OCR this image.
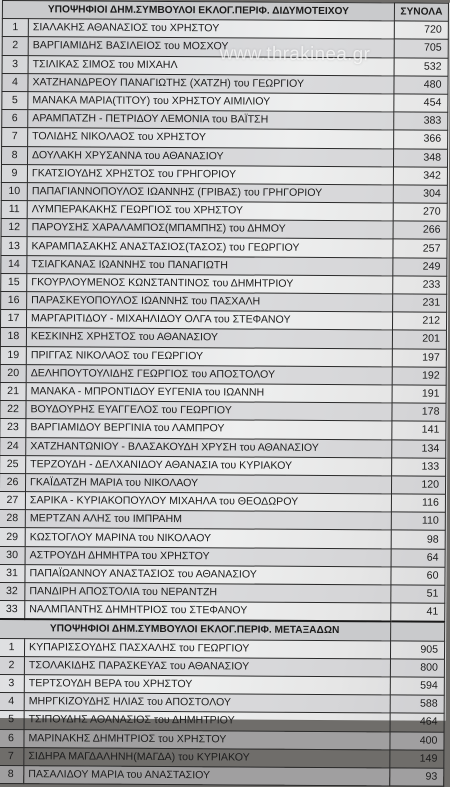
ΥΠΟΨΗΦΙΟΙ ΔΗΜ.ΣΥΜΒΟΥΛΟΙ ΕΚΛΟΓ.ΠΕΡΙΦ. ΔΙΔΥΜΟΤΕΙΧΟΥ		ΣΥΝΟΛΑ
1	ΣΙΑΛΑΚΗΣ ΑΘΑΝΑΣΙΟΣ του ΧΡΗΣΤΟΥ	720
2	ΒΑΡΓΙΑΜΙΔΗΣ ΒΑΣΙΛΕΙΟΣ του ΜΟΣΧΟΥ	705
3	ΤΣΙΛΙΚΑΣ ΣΙΜΟΣ του ΜΙΧΑΗΛ	532
4	ΧΑΤΖΗΑΝΔΡΕΟΥ ΠΑΝΑΓΙΩΤΗΣ (ΧΑΤΖΗ) του ΓΕΩΡΓΙΟΥ	480
5	ΜΑΝΑΚΑ ΜΑΡΙΑ(ΤΙΤΟΥ) του ΧΡΗΣΤΟΥ ΑΙΜΙΛΙΟΥ	454
6	ΑΡΑΜΠΑΤΖΗ - ΠΕΤΡΙΔΟΥ ΛΕΜΟΝΙΑ του ΒΑΪΤΣΗ	383
7	ΤΟΛΙΔΗΣ ΝΙΚΟΛΑΟΣ του ΧΡΗΣΤΟΥ	366
8	ΔΟΥΛΑΚΗ ΧΡΥΣΑΝΝΑ του ΑΘΑΝΑΣΙΟΥ	348
9	ΓΚΑΤΣΙΟΥΔΗΣ ΧΡΗΣΤΟΣ του ΓΡΗΓΟΡΙΟΥ	342
10	ΠΑΠΑΓΙΑΝΝΟΠΟΥΛΟΣ ΙΩΑΝΝΗΣ (ΓΡΙΒΑΣ) του ΓΡΗΓΟΡΙΟΥ	304
11	ΛΥΜΠΕΡΑΚΑΚΗΣ ΓΕΩΡΓΙΟΣ του ΧΡΗΣΤΟΥ	270
12	ΠΑΡΟΥΣΗΣ ΧΑΡΑΛΑΜΠΟΣ(ΜΠΑΜΠΗΣ) του ΔΗΜΟΥ	266
13	ΚΑΡΑΜΠΑΣΑΚΗΣ ΑΝΑΣΤΑΣΙΟΣ(ΤΑΣΟΣ) του ΓΕΩΡΓΙΟΥ	257
14	ΤΣΙΑΓΚΑΝΑΣ ΙΩΑΝΝΗΣ του ΠΑΝΑΓΙΩΤΗ	249
15	ΓΚΟΥΡΛΟΥΜΕΝΟΣ ΚΩΝΣΤΑΝΤΙΝΟΣ του ΔΗΜΗΤΡΙΟΥ	233
16	ΠΑΡΑΣΚΕΥΟΠΟΥΛΟΣ ΙΩΑΝΝΗΣ του ΠΑΣΧΑΛΗ	231
17	ΜΑΡΓΑΡΙΤΙΔΟΥ - ΜΙΧΑΗΛΙΔΟΥ ΟΛΓΑ του ΣΤΕΦΑΝΟΥ	212
18	ΚΕΣΚΙΝΗΣ ΧΡΗΣΤΟΣ του ΑΘΑΝΑΣΙΟΥ	201
19	ΠΡΙΓΓΑΣ ΝΙΚΟΛΑΟΣ του ΓΕΩΡΓΙΟΥ	197
20	ΔΕΛΗΠΟΥΤΟΥΛΙΔΗΣ ΓΕΩΡΓΙΟΣ του ΑΠΟΣΤΟΛΟΥ	192
21	ΜΑΝΑΚΑ - ΜΠΡΟΝΤΙΔΟΥ ΕΥΓΕΝΙΑ του ΙΩΑΝΝΗ	191
22	ΒΟΥΔΟΥΡΗΣ ΕΥΑΓΓΕΛΟΣ του ΓΕΩΡΓΙΟΥ	178
23	ΒΑΡΓΙΑΜΙΔΟΥ ΒΕΡΓΙΝΙΑ του ΛΑΜΠΡΟΥ	141
24	ΧΑΤΖΗΑΝΤΩΝΙΟΥ - ΒΛΑΣΑΚΟΥΔΗ ΧΡΥΣΗ του ΑΘΑΝΑΣΙΟΥ	134
25	ΤΕΡΖΟΥΔΗ - ΔΕΛΧΑΝΙΔΟΥ ΑΘΑΝΑΣΙΑ του ΚΥΡΙΑΚΟΥ	133
26	ΓΚΑΪΔΑΤΖΗ ΜΑΡΙΑ του ΝΙΚΟΛΑΟΥ	120
27	ΣΑΡΙΚΑ - ΚΥΡΙΑΚΟΠΟΥΛΟΥ ΜΙΧΑΗΛΑ του ΘΕΟΔΩΡΟΥ	116
28	ΜΕΡΤΖΑΝ ΑΛΗΣ του ΙΜΠΡΑΗΜ	110
29	ΚΩΣΤΟΓΛΟΥ ΜΑΡΙΝΑ του ΝΙΚΟΛΑΟΥ	98
30	ΑΣΤΡΟΥΔΗ ΔΗΜΗΤΡΑ του ΧΡΗΣΤΟΥ	64
31	ΠΑΠΑΪΩΑΝΝΟΥ ΑΝΑΣΤΑΣΙΟΣ του ΑΘΑΝΑΣΙΟΥ	60
32	ΠΑΝΔΙΡΗ ΑΠΟΣΤΟΛΙΑ του ΝΕΡΑΝΤΖΗ	51
33	ΝΑΛΜΠΑΝΤΗΣ ΔΗΜΗΤΡΙΟΣ του ΣΤΕΦΑΝΟΥ	41
ΥΠΟΨΗΦΙΟΙ ΔΗΜ.ΣΥΜΒΟΥΛΟΙ ΕΚΛΟΓ.ΠΕΡΙΦ. ΜΕΤΑΞΑΔΩΝ		
1	ΚΥΠΑΡΙΣΣΟΥΔΗΣ ΠΑΣΧΑΛΗΣ του ΓΕΩΡΓΙΟΥ	905
2	ΤΣΟΛΑΚΙΔΗΣ ΠΑΡΑΣΚΕΥΑΣ του ΑΘΑΝΑΣΙΟΥ	800
3	ΤΕΡΤΣΟΥΔΗ ΒΕΡΑ του ΧΡΗΣΤΟΥ	594
4	ΜΗΡΓΚΙΖΟΥΔΗΣ ΗΛΙΑΣ του ΑΠΟΣΤΟΛΟΥ	588
5	ΤΣΙΠΟΥΔΗΣ ΑΘΑΝΑΣΙΟΣ του ΔΗΜΗΤΡΙΟΥ	464
6	ΜΑΡΙΝΑΚΗΣ ΔΗΜΗΤΡΙΟΣ του ΧΡΗΣΤΟΥ	400
7	ΣΙΔΗΡΑ ΜΑΓΔΑΛΗΝΗ(ΜΑΓΔΑ) του ΚΥΡΙΑΚΟΥ	149
8	ΠΑΣΑΛΙΔΟΥ ΜΑΡΙΑ του ΑΝΑΣΤΑΣΙΟΥ	93
www.thrakinea.gr
